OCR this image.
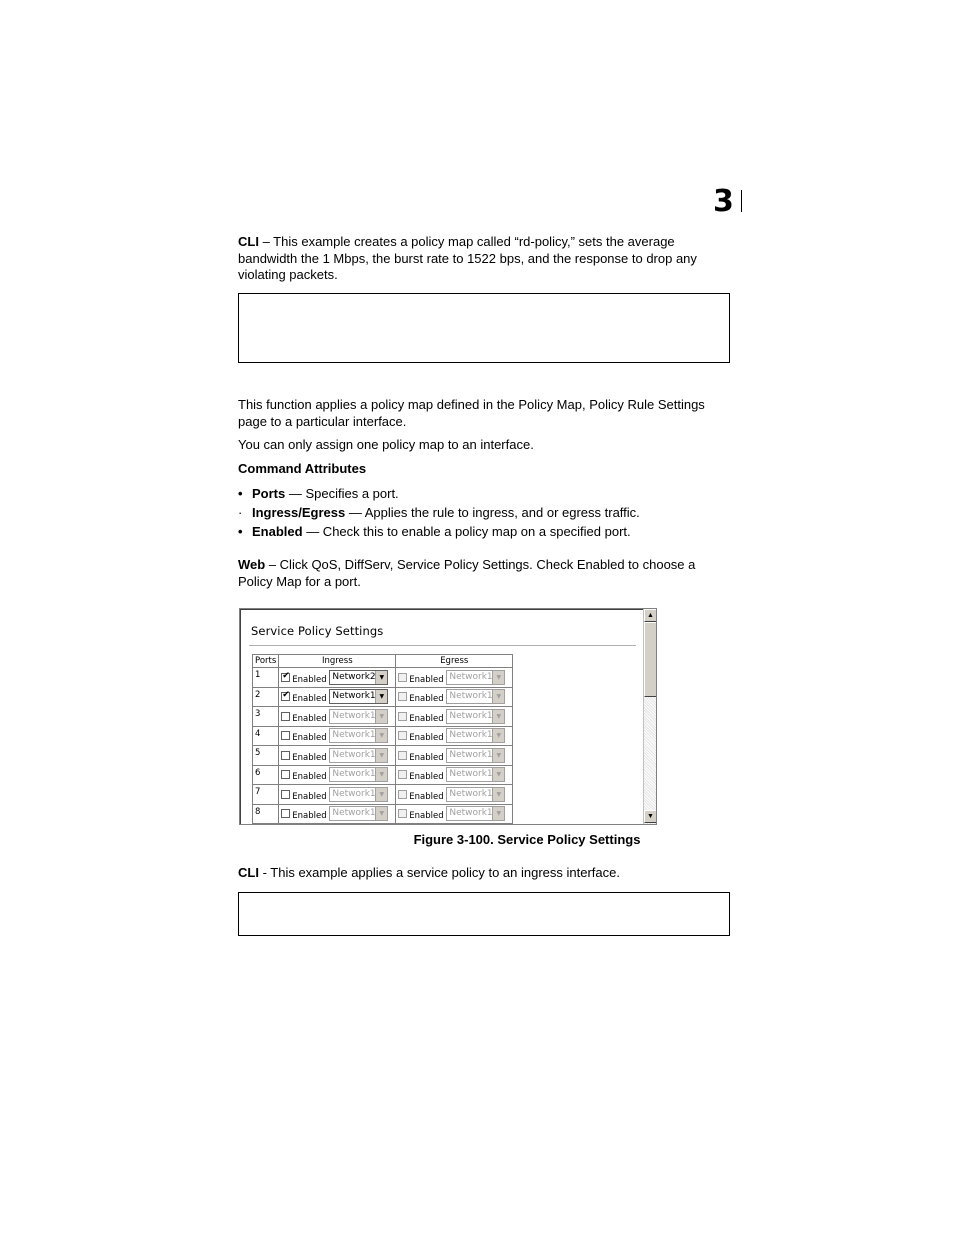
3
CLI – This example creates a policy map called “rd-policy,” sets the average bandwidth the 1 Mbps, the burst rate to 1522 bps, and the response to drop any violating packets.
This function applies a policy map defined in the Policy Map, Policy Rule Settings page to a particular interface.
You can only assign one policy map to an interface.
Command Attributes
• Ports — Specifies a port.
· Ingress/Egress — Applies the rule to ingress, and or egress traffic.
• Enabled — Check this to enable a policy map on a specified port.
Web – Click QoS, DiffServ, Service Policy Settings. Check Enabled to choose a Policy Map for a port.
Service Policy Settings
Ports	Ingress	Egress
1	✔ Enabled Network2 ▼	Enabled Network1 ▼

2	✔ Enabled Network1 ▼	Enabled Network1 ▼

3	Enabled Network1 ▼	Enabled Network1 ▼

4	Enabled Network1 ▼	Enabled Network1 ▼

5	Enabled Network1 ▼	Enabled Network1 ▼

6	Enabled Network1 ▼	Enabled Network1 ▼

7	Enabled Network1 ▼	Enabled Network1 ▼

8	Enabled Network1 ▼	Enabled Network1 ▼
▲
▼
Figure 3-100. Service Policy Settings
CLI - This example applies a service policy to an ingress interface.
